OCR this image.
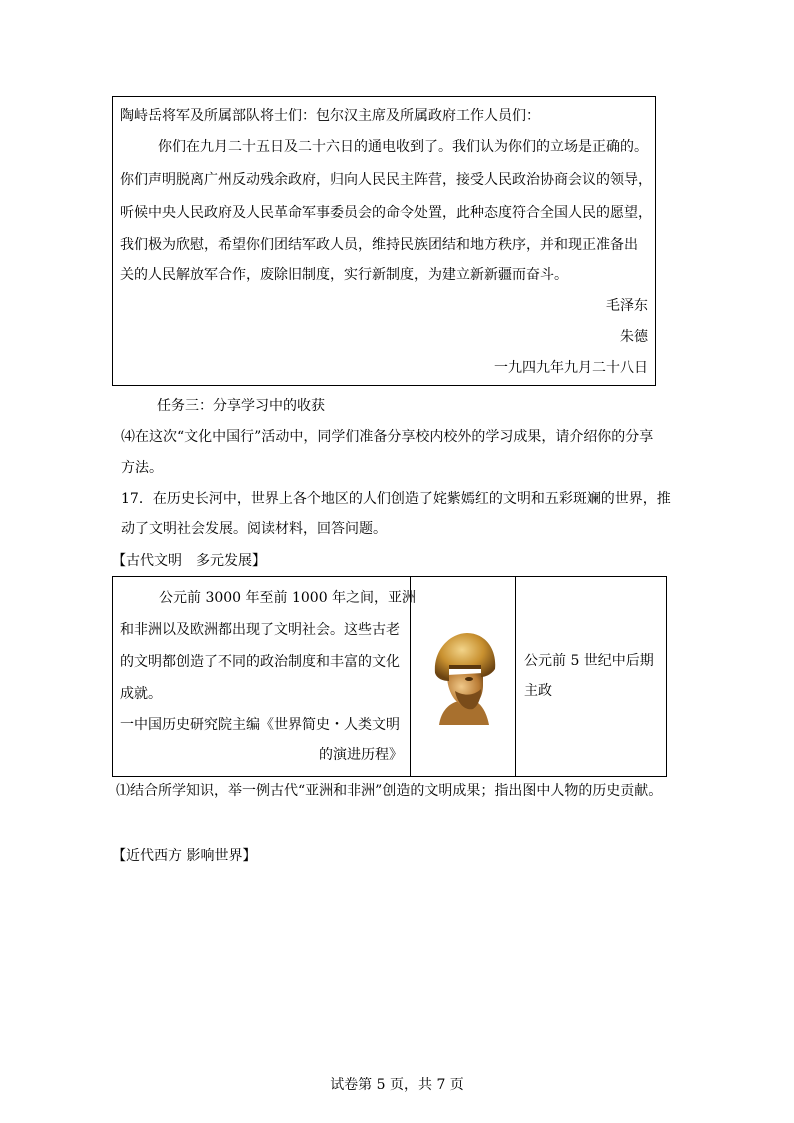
陶峙岳将军及所属部队将士们：包尔汉主席及所属政府工作人员们：
你们在九月二十五日及二十六日的通电收到了。我们认为你们的立场是正确的。
你们声明脱离广州反动残余政府，归向人民民主阵营，接受人民政治协商会议的领导，
听候中央人民政府及人民革命军事委员会的命令处置，此种态度符合全国人民的愿望，
我们极为欣慰，希望你们团结军政人员，维持民族团结和地方秩序，并和现正准备出
关的人民解放军合作，废除旧制度，实行新制度，为建立新新疆而奋斗。
毛泽东
朱德
一九四九年九月二十八日
任务三：分享学习中的收获
⑷在这次“文化中国行”活动中，同学们准备分享校内校外的学习成果，请介绍你的分享
方法。
17．在历史长河中，世界上各个地区的人们创造了姹紫嫣红的文明和五彩斑斓的世界，推
动了文明社会发展。阅读材料，回答问题。
【古代文明　多元发展】
公元前 3000 年至前 1000 年之间，亚洲
和非洲以及欧洲都出现了文明社会。这些古老
的文明都创造了不同的政治制度和丰富的文化
成就。
一中国历史研究院主编《世界简史・人类文明
的演进历程》

公元前 5 世纪中后期
主政
⑴结合所学知识，举一例古代“亚洲和非洲”创造的文明成果；指出图中人物的历史贡献。
【近代西方 影响世界】
试卷第 5 页，共 7 页
